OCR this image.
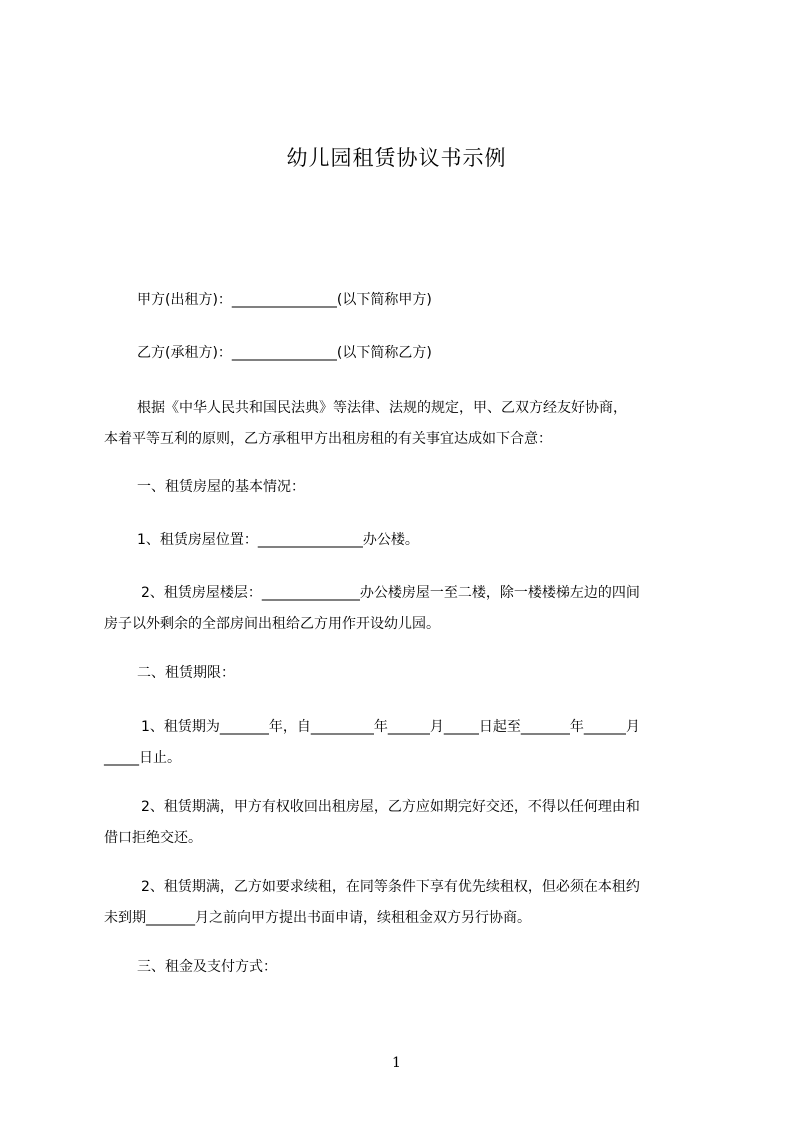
幼儿园租赁协议书示例
甲方(出租方)：_______________(以下简称甲方)
乙方(承租方)：_______________(以下简称乙方)
根据《中华人民共和国民法典》等法律、法规的规定，甲、乙双方经友好协商，
本着平等互利的原则，乙方承租甲方出租房租的有关事宜达成如下合意：
一、租赁房屋的基本情况：
1、租赁房屋位置：_______________办公楼。
2、租赁房屋楼层：______________办公楼房屋一至二楼，除一楼楼梯左边的四间
房子以外剩余的全部房间出租给乙方用作开设幼儿园。
二、租赁期限：
1、租赁期为_______年，自_________年______月_____日起至_______年______月
_____日止。
2、租赁期满，甲方有权收回出租房屋，乙方应如期完好交还，不得以任何理由和
借口拒绝交还。
2、租赁期满，乙方如要求续租，在同等条件下享有优先续租权，但必须在本租约
未到期_______月之前向甲方提出书面申请，续租租金双方另行协商。
三、租金及支付方式：
1
